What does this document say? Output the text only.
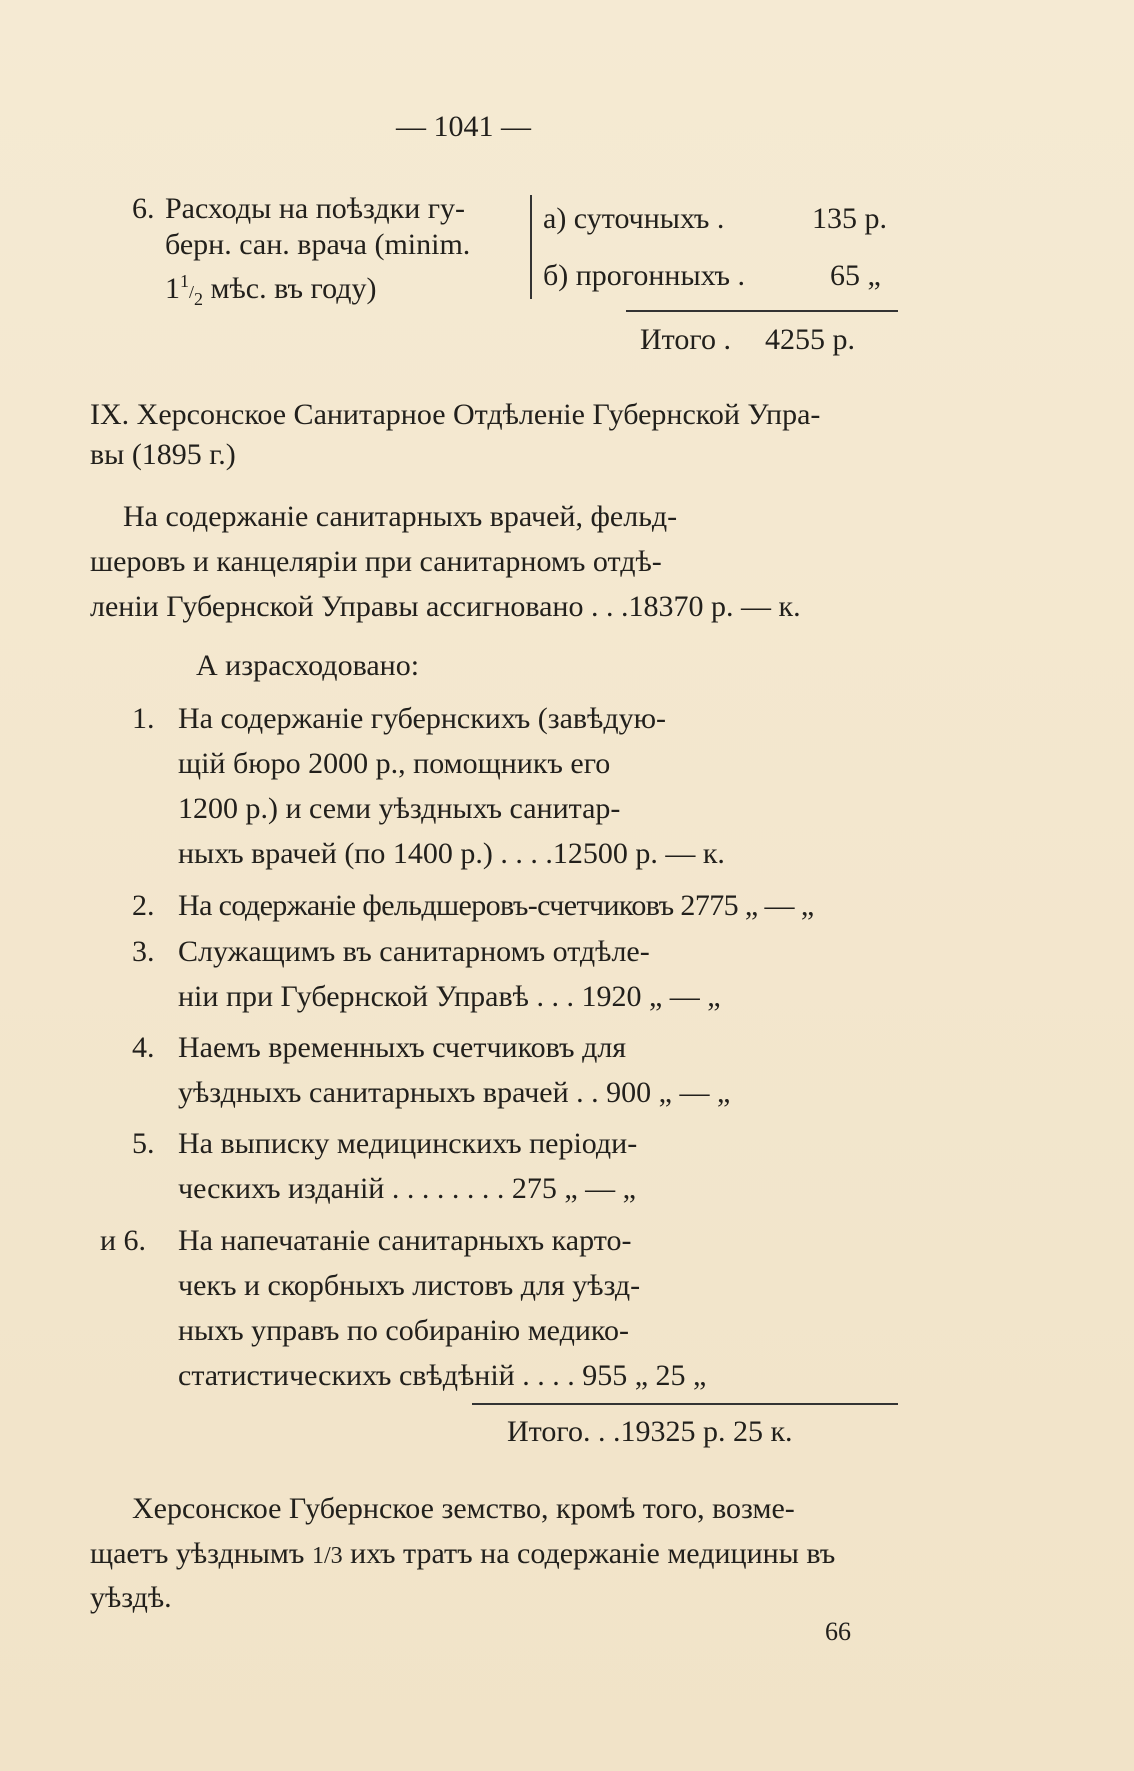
— 1041 —
6. Расходы на поѣздки гу-
берн. сан. врача (minim.
$1^1/_2$ мѣс. въ году)
а) суточныхъ .	135 р.
б) прогонныхъ .	65 „
Итого . 4255 р.
IX. Херсонское Санитарное Отдѣленіе Губернской Упра-
вы (1895 г.)
На содержаніе санитарныхъ врачей, фельд-
шеровъ и канцеляріи при санитарномъ отдѣ-
леніи Губернской Управы ассигновано . . .18370 р. — к.
А израсходовано:
1. На содержаніе губернскихъ (завѣдую-
щій бюро 2000 р., помощникъ его
1200 р.) и семи уѣздныхъ санитар-
ныхъ врачей (по 1400 р.) . . . .12500 р. — к.
2. На содержаніе фельдшеровъ-счетчиковъ 2775 „ — „
3. Служащимъ въ санитарномъ отдѣле-
ніи при Губернской Управѣ . . . 1920 „ — „
4. Наемъ временныхъ счетчиковъ для
уѣздныхъ санитарныхъ врачей . . 900 „ — „
5. На выписку медицинскихъ періоди-
ческихъ изданій . . . . . . . . 275 „ — „
и 6. На напечатаніе санитарныхъ карто-
чекъ и скорбныхъ листовъ для уѣзд-
ныхъ управъ по собиранію медико-
статистическихъ свѣдѣній . . . . 955 „ 25 „
Итого. . .19325 р. 25 к.
Херсонское Губернское земство, кромѣ того, возме-
щаетъ уѣзднымъ 1/3 ихъ тратъ на содержаніе медицины въ
уѣздѣ.
66
